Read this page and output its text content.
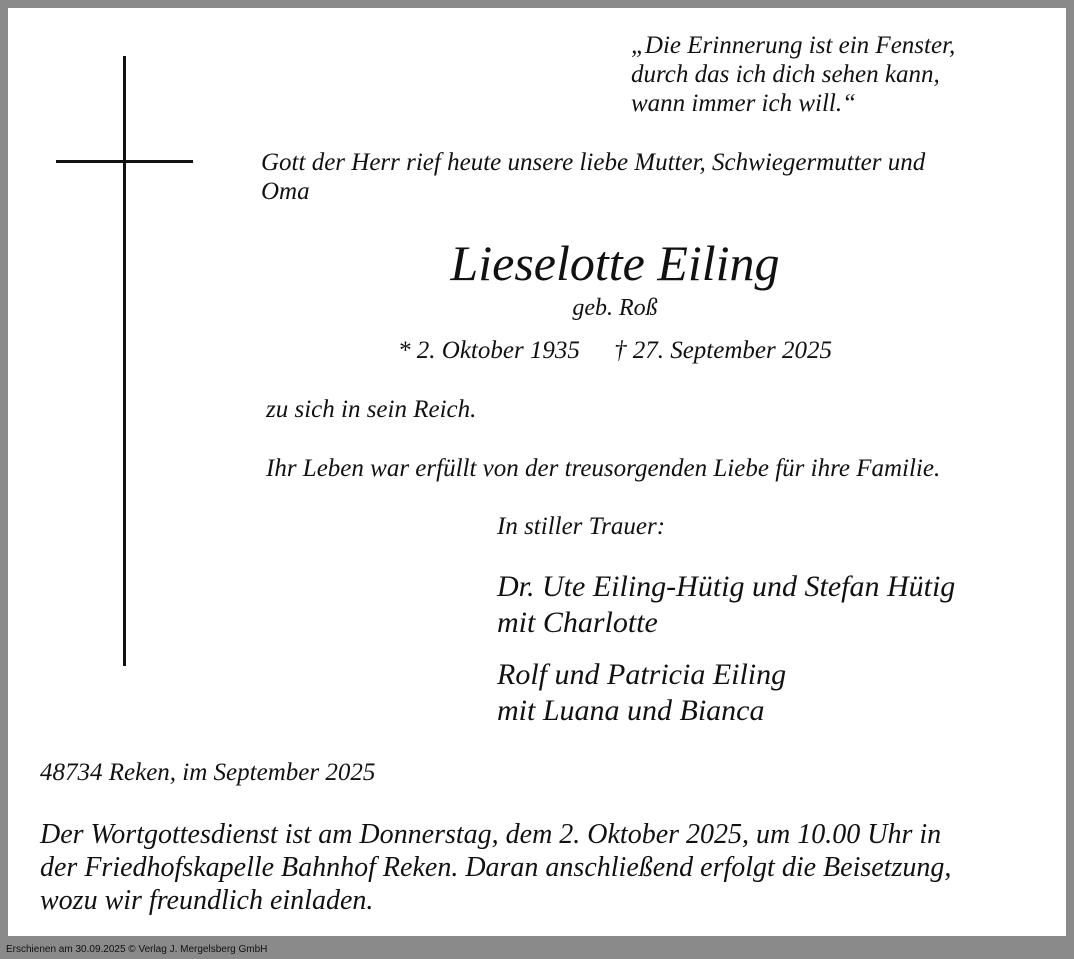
„Die Erinnerung ist ein Fenster,
durch das ich dich sehen kann,
wann immer ich will.“

Gott der Herr rief heute unsere liebe Mutter, Schwiegermutter und
Oma

Lieselotte Eiling

geb. Roß

* 2. Oktober 1935 † 27. September 2025

zu sich in sein Reich.

Ihr Leben war erfüllt von der treusorgenden Liebe für ihre Familie.

In stiller Trauer:

Dr. Ute Eiling-Hütig und Stefan Hütig
mit Charlotte

Rolf und Patricia Eiling
mit Luana und Bianca

48734 Reken, im September 2025

Der Wortgottesdienst ist am Donnerstag, dem 2. Oktober 2025, um 10.00 Uhr in
der Friedhofskapelle Bahnhof Reken. Daran anschließend erfolgt die Beisetzung,
wozu wir freundlich einladen.

Erschienen am 30.09.2025 © Verlag J. Mergelsberg GmbH
